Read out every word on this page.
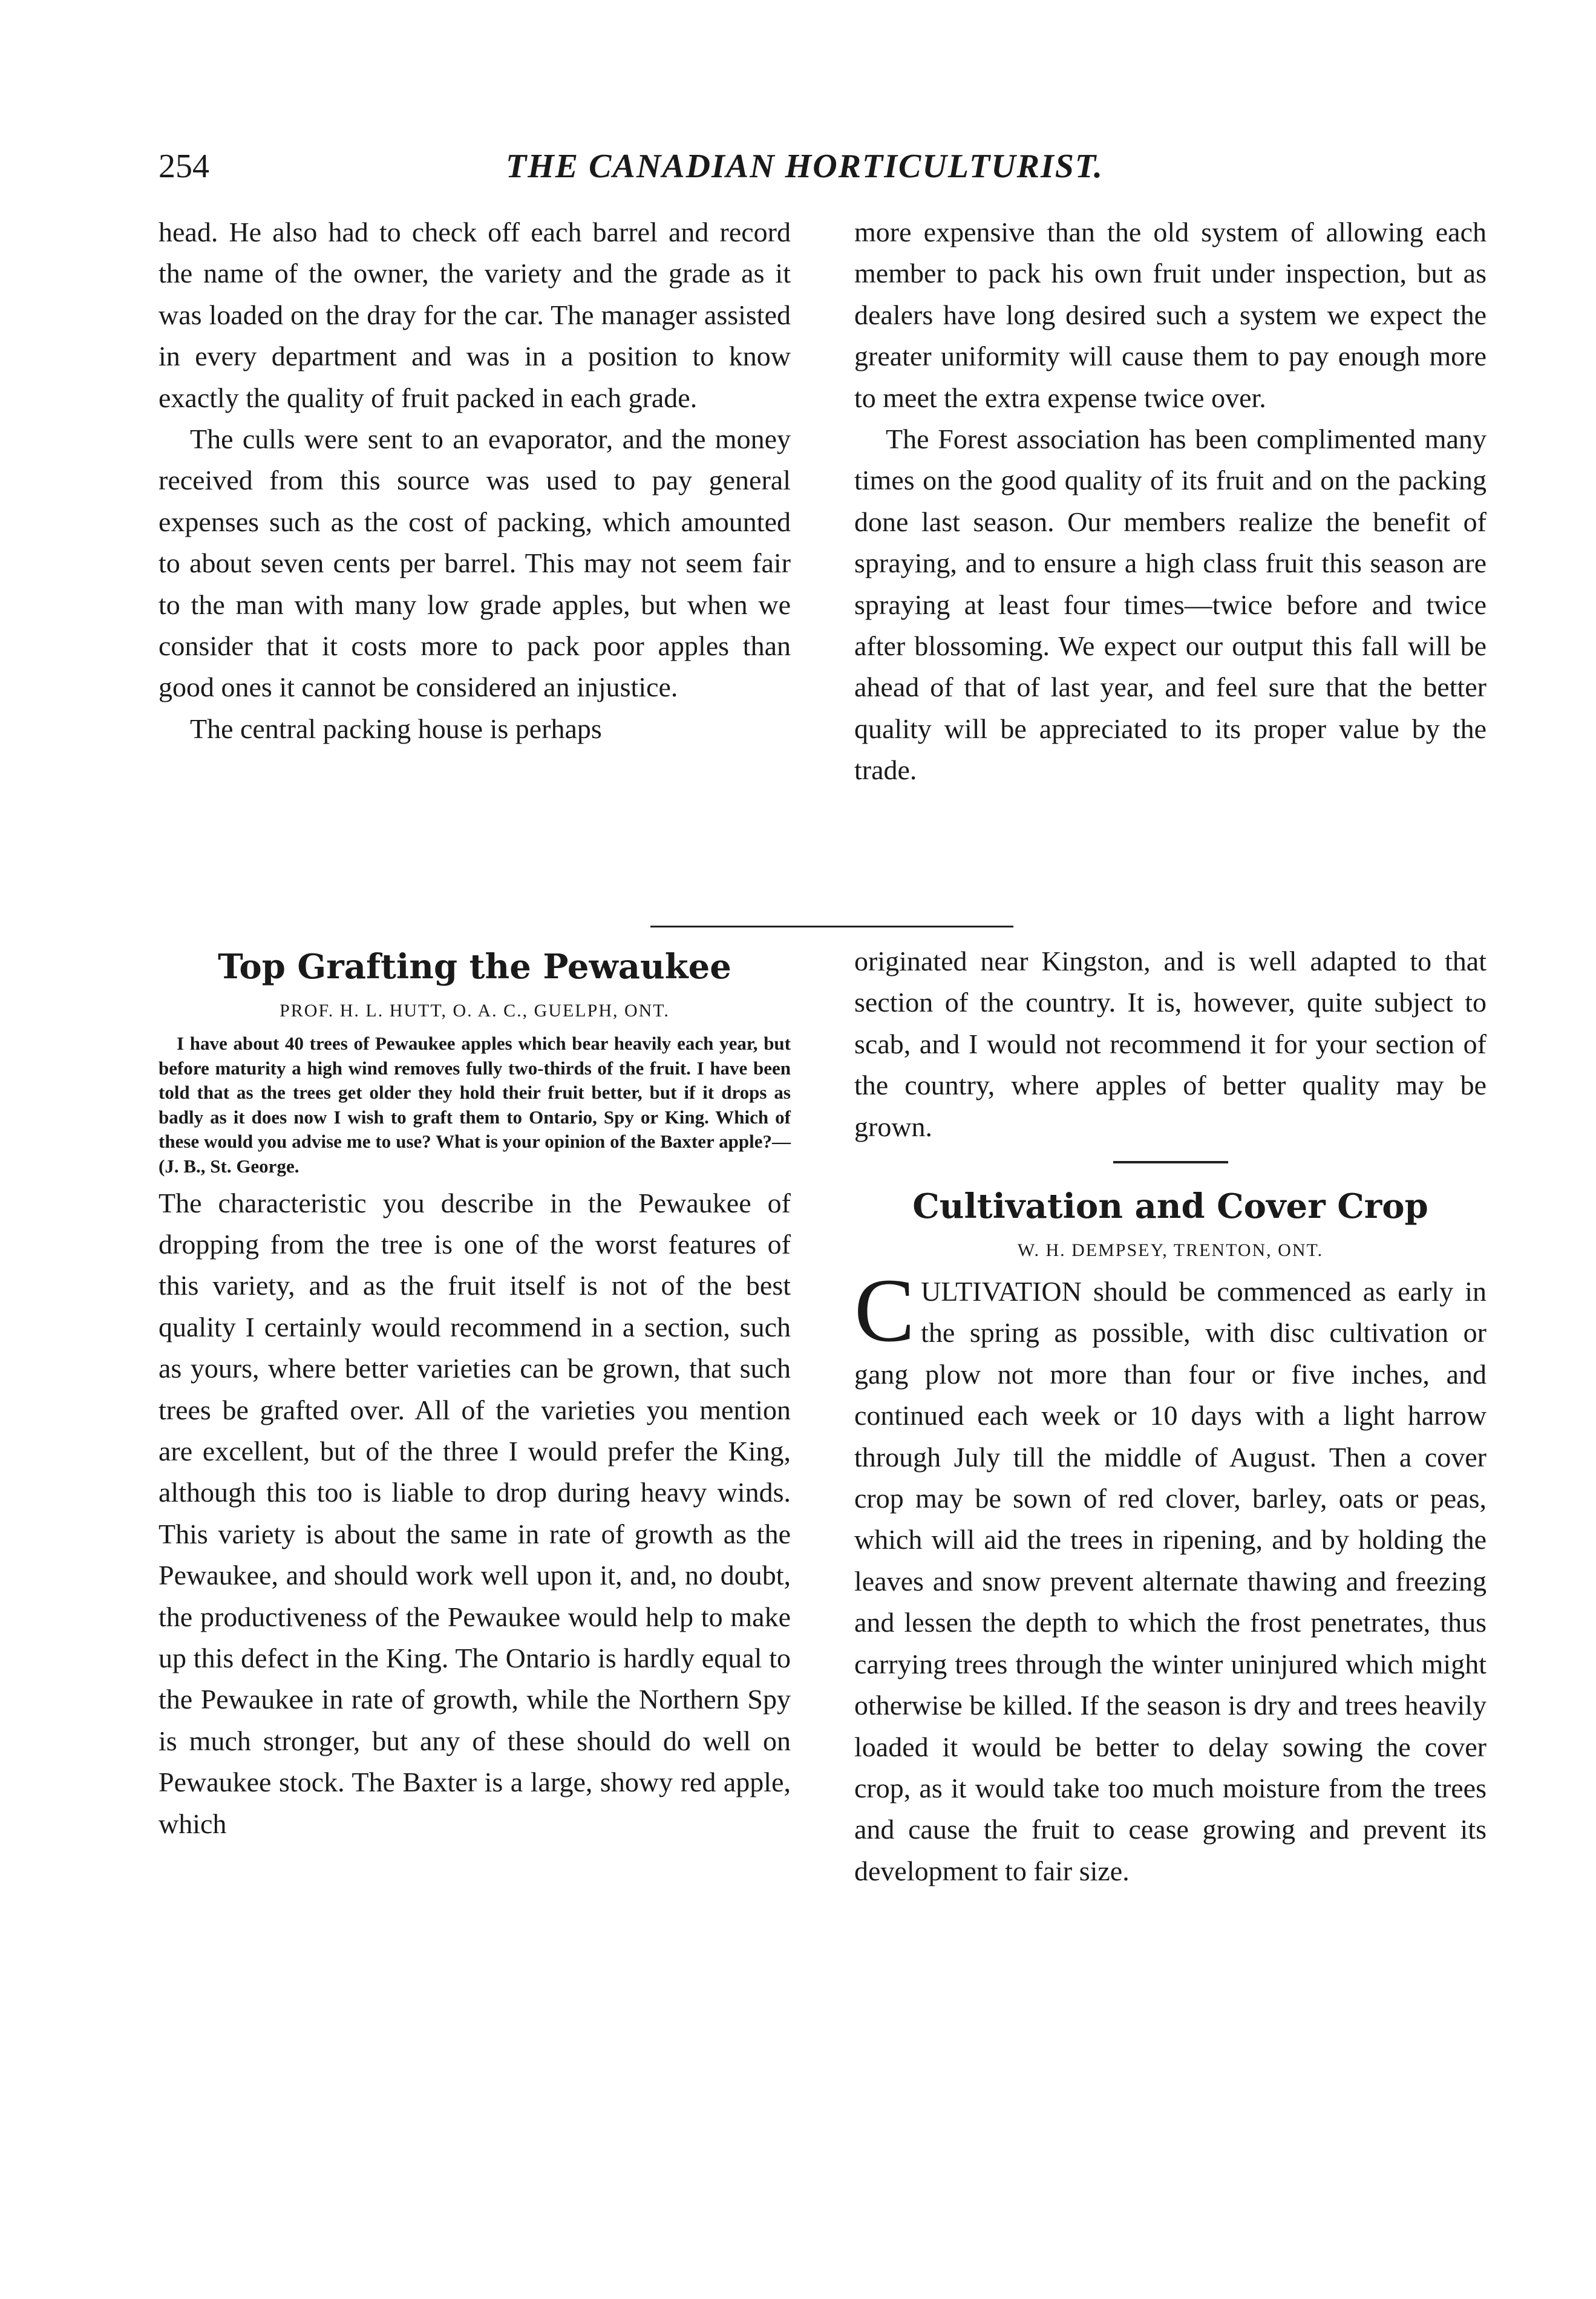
254	THE CANADIAN HORTICULTURIST.

head. He also had to check off each barrel and record the name of the owner, the variety and the grade as it was loaded on the dray for the car. The manager assisted in every department and was in a position to know exactly the quality of fruit packed in each grade.

The culls were sent to an evaporator, and the money received from this source was used to pay general expenses such as the cost of packing, which amounted to about seven cents per barrel. This may not seem fair to the man with many low grade apples, but when we consider that it costs more to pack poor apples than good ones it cannot be considered an injustice.

The central packing house is perhaps

more expensive than the old system of allowing each member to pack his own fruit under inspection, but as dealers have long desired such a system we expect the greater uniformity will cause them to pay enough more to meet the extra expense twice over.

The Forest association has been complimented many times on the good quality of its fruit and on the packing done last season. Our members realize the benefit of spraying, and to ensure a high class fruit this season are spraying at least four times—twice before and twice after blossoming. We expect our output this fall will be ahead of that of last year, and feel sure that the better quality will be appreciated to its proper value by the trade.

Top Grafting the Pewaukee
PROF. H. L. HUTT, O. A. C., GUELPH, ONT.

I have about 40 trees of Pewaukee apples which bear heavily each year, but before maturity a high wind removes fully two-thirds of the fruit. I have been told that as the trees get older they hold their fruit better, but if it drops as badly as it does now I wish to graft them to Ontario, Spy or King. Which of these would you advise me to use? What is your opinion of the Baxter apple?—(J. B., St. George.

The characteristic you describe in the Pewaukee of dropping from the tree is one of the worst features of this variety, and as the fruit itself is not of the best quality I certainly would recommend in a section, such as yours, where better varieties can be grown, that such trees be grafted over. All of the varieties you mention are excellent, but of the three I would prefer the King, although this too is liable to drop during heavy winds. This variety is about the same in rate of growth as the Pewaukee, and should work well upon it, and, no doubt, the productiveness of the Pewaukee would help to make up this defect in the King. The Ontario is hardly equal to the Pewaukee in rate of growth, while the Northern Spy is much stronger, but any of these should do well on Pewaukee stock. The Baxter is a large, showy red apple, which

originated near Kingston, and is well adapted to that section of the country. It is, however, quite subject to scab, and I would not recommend it for your section of the country, where apples of better quality may be grown.

Cultivation and Cover Crop
W. H. DEMPSEY, TRENTON, ONT.

CULTIVATION should be commenced as early in the spring as possible, with disc cultivation or gang plow not more than four or five inches, and continued each week or 10 days with a light harrow through July till the middle of August. Then a cover crop may be sown of red clover, barley, oats or peas, which will aid the trees in ripening, and by holding the leaves and snow prevent alternate thawing and freezing and lessen the depth to which the frost penetrates, thus carrying trees through the winter uninjured which might otherwise be killed. If the season is dry and trees heavily loaded it would be better to delay sowing the cover crop, as it would take too much moisture from the trees and cause the fruit to cease growing and prevent its development to fair size.
